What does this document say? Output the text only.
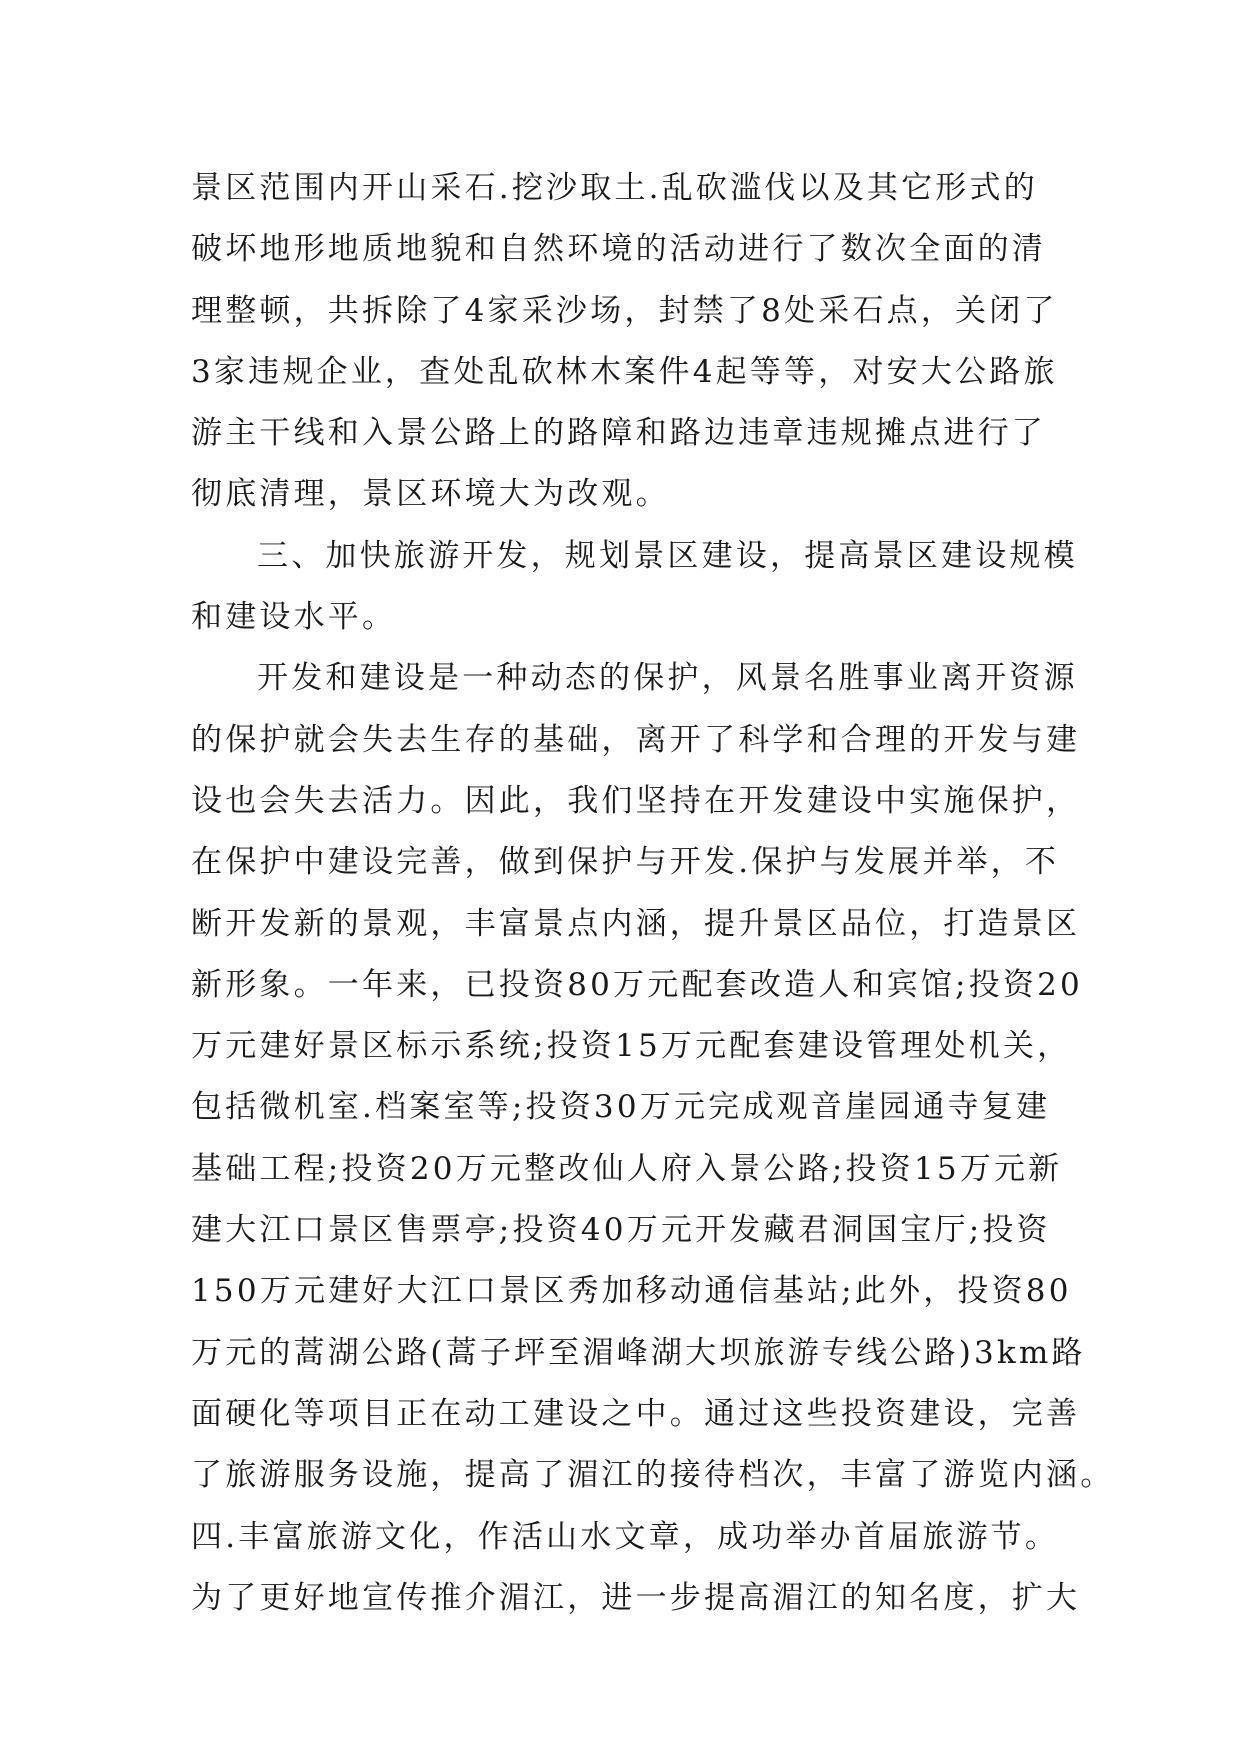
景区范围内开山采石.挖沙取土.乱砍滥伐以及其它形式的
破坏地形地质地貌和自然环境的活动进行了数次全面的清
理整顿，共拆除了4家采沙场，封禁了8处采石点，关闭了
3家违规企业，查处乱砍林木案件4起等等，对安大公路旅
游主干线和入景公路上的路障和路边违章违规摊点进行了
彻底清理，景区环境大为改观。
三、加快旅游开发，规划景区建设，提高景区建设规模
和建设水平。
开发和建设是一种动态的保护，风景名胜事业离开资源
的保护就会失去生存的基础，离开了科学和合理的开发与建
设也会失去活力。因此，我们坚持在开发建设中实施保护，
在保护中建设完善，做到保护与开发.保护与发展并举，不
断开发新的景观，丰富景点内涵，提升景区品位，打造景区
新形象。一年来，已投资80万元配套改造人和宾馆;投资20
万元建好景区标示系统;投资15万元配套建设管理处机关，
包括微机室.档案室等;投资30万元完成观音崖园通寺复建
基础工程;投资20万元整改仙人府入景公路;投资15万元新
建大江口景区售票亭;投资40万元开发藏君洞国宝厅;投资
150万元建好大江口景区秀加移动通信基站;此外，投资80
万元的蒿湖公路(蒿子坪至湄峰湖大坝旅游专线公路)3km路
面硬化等项目正在动工建设之中。通过这些投资建设，完善
了旅游服务设施，提高了湄江的接待档次，丰富了游览内涵。
四.丰富旅游文化，作活山水文章，成功举办首届旅游节。
为了更好地宣传推介湄江，进一步提高湄江的知名度，扩大
